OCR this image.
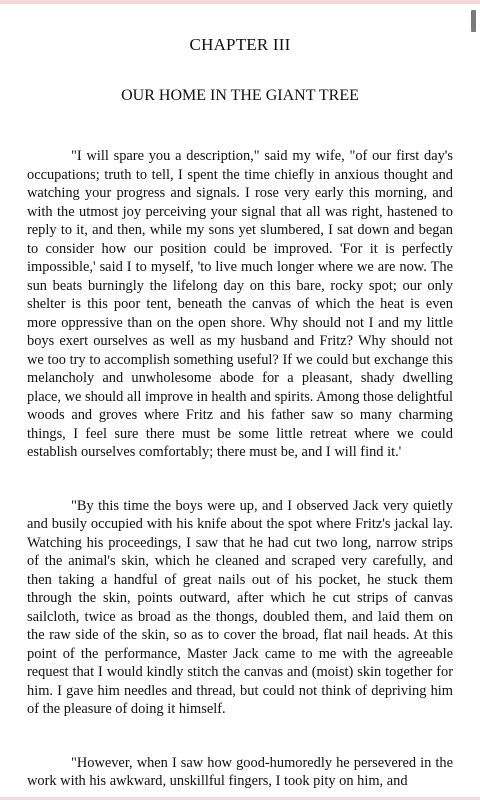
CHAPTER III
OUR HOME IN THE GIANT TREE

"I will spare you a description," said my wife, "of our first day's occupations; truth to tell, I spent the time chiefly in anxious thought and watching your progress and signals. I rose very early this morning, and with the utmost joy perceiving your signal that all was right, hastened to reply to it, and then, while my sons yet slumbered, I sat down and began to consider how our position could be improved. 'For it is perfectly impossible,' said I to myself, 'to live much longer where we are now. The sun beats burningly the lifelong day on this bare, rocky spot; our only shelter is this poor tent, beneath the canvas of which the heat is even more oppressive than on the open shore. Why should not I and my little boys exert ourselves as well as my husband and Fritz? Why should not we too try to accomplish something useful? If we could but exchange this melancholy and unwholesome abode for a pleasant, shady dwelling place, we should all improve in health and spirits. Among those delightful woods and groves where Fritz and his father saw so many charming things, I feel sure there must be some little retreat where we could establish ourselves comfortably; there must be, and I will find it.'

"By this time the boys were up, and I observed Jack very quietly and busily occupied with his knife about the spot where Fritz's jackal lay. Watching his proceedings, I saw that he had cut two long, narrow strips of the animal's skin, which he cleaned and scraped very carefully, and then taking a handful of great nails out of his pocket, he stuck them through the skin, points outward, after which he cut strips of canvas sailcloth, twice as broad as the thongs, doubled them, and laid them on the raw side of the skin, so as to cover the broad, flat nail heads. At this point of the performance, Master Jack came to me with the agreeable request that I would kindly stitch the canvas and (moist) skin together for him. I gave him needles and thread, but could not think of depriving him of the pleasure of doing it himself.

"However, when I saw how good-humoredly he persevered in the work with his awkward, unskillful fingers, I took pity on him, and
